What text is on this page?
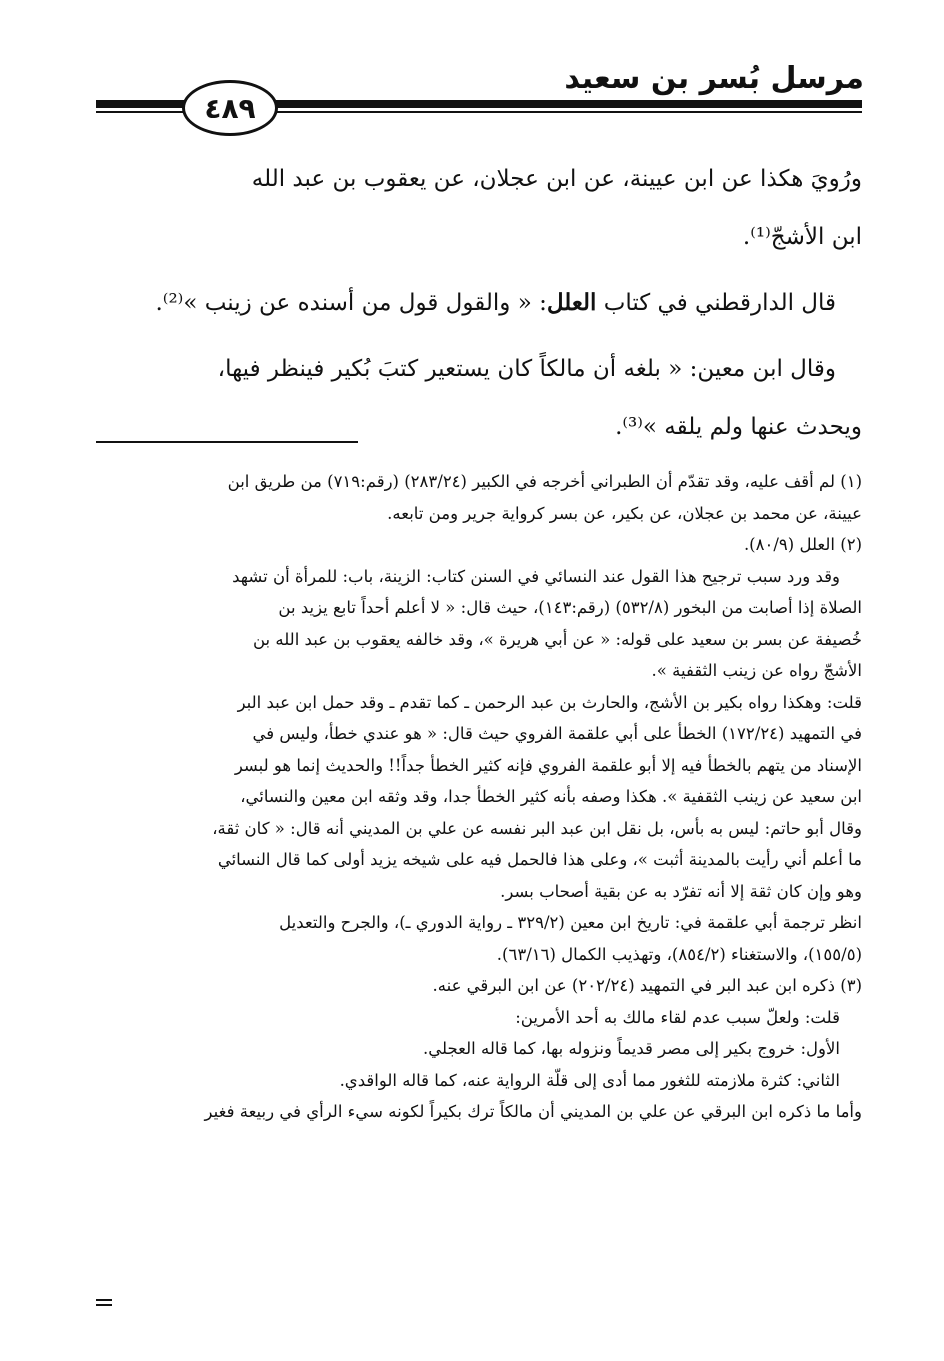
مرسل بُسر بن سعيد
٤٨٩

ورُويَ هكذا عن ابن عيينة، عن ابن عجلان، عن يعقوب بن عبد الله

ابن الأشجّ⁽¹⁾.

قال الدارقطني في كتاب العلل: « والقول قول من أسنده عن زينب »⁽²⁾.

وقال ابن معين: « بلغه أن مالكاً كان يستعير كتبَ بُكير فينظر فيها،

ويحدث عنها ولم يلقه »⁽³⁾.

(١) لم أقف عليه، وقد تقدّم أن الطبراني أخرجه في الكبير (٢٨٣/٢٤) (رقم:٧١٩) من طريق ابن

عيينة، عن محمد بن عجلان، عن بكير، عن بسر كرواية جرير ومن تابعه.

(٢) العلل (٨٠/٩).

وقد ورد سبب ترجيح هذا القول عند النسائي في السنن كتاب: الزينة، باب: للمرأة أن تشهد

الصلاة إذا أصابت من البخور (٥٣٢/٨) (رقم:١٤٣)، حيث قال: « لا أعلم أحداً تابع يزيد بن

خُصيفة عن بسر بن سعيد على قوله: « عن أبي هريرة »، وقد خالفه يعقوب بن عبد الله بن

الأشجّ رواه عن زينب الثقفية ».

قلت: وهكذا رواه بكير بن الأشج، والحارث بن عبد الرحمن ـ كما تقدم ـ وقد حمل ابن عبد البر

في التمهيد (١٧٢/٢٤) الخطأ على أبي علقمة الفروي حيث قال: « هو عندي خطأ، وليس في

الإسناد من يتهم بالخطأ فيه إلا أبو علقمة الفروي فإنه كثير الخطأ جداً!! والحديث إنما هو لبسر

ابن سعيد عن زينب الثقفية ». هكذا وصفه بأنه كثير الخطأ جدا، وقد وثقه ابن معين والنسائي،

وقال أبو حاتم: ليس به بأس، بل نقل ابن عبد البر نفسه عن علي بن المديني أنه قال: « كان ثقة،

ما أعلم أني رأيت بالمدينة أثبت »، وعلى هذا فالحمل فيه على شيخه يزيد أولى كما قال النسائي

وهو وإن كان ثقة إلا أنه تفرّد به عن بقية أصحاب بسر.

انظر ترجمة أبي علقمة في: تاريخ ابن معين (٣٢٩/٢ ـ رواية الدوري ـ)، والجرح والتعديل

(١٥٥/٥)، والاستغناء (٨٥٤/٢)، وتهذيب الكمال (٦٣/١٦).

(٣) ذكره ابن عبد البر في التمهيد (٢٠٢/٢٤) عن ابن البرقي عنه.

قلت: ولعلّ سبب عدم لقاء مالك به أحد الأمرين:

الأول: خروج بكير إلى مصر قديماً ونزوله بها، كما قاله العجلي.

الثاني: كثرة ملازمته للثغور مما أدى إلى قلّة الرواية عنه، كما قاله الواقدي.

وأما ما ذكره ابن البرقي عن علي بن المديني أن مالكاً ترك بكيراً لكونه سيء الرأي في ربيعة فغير
